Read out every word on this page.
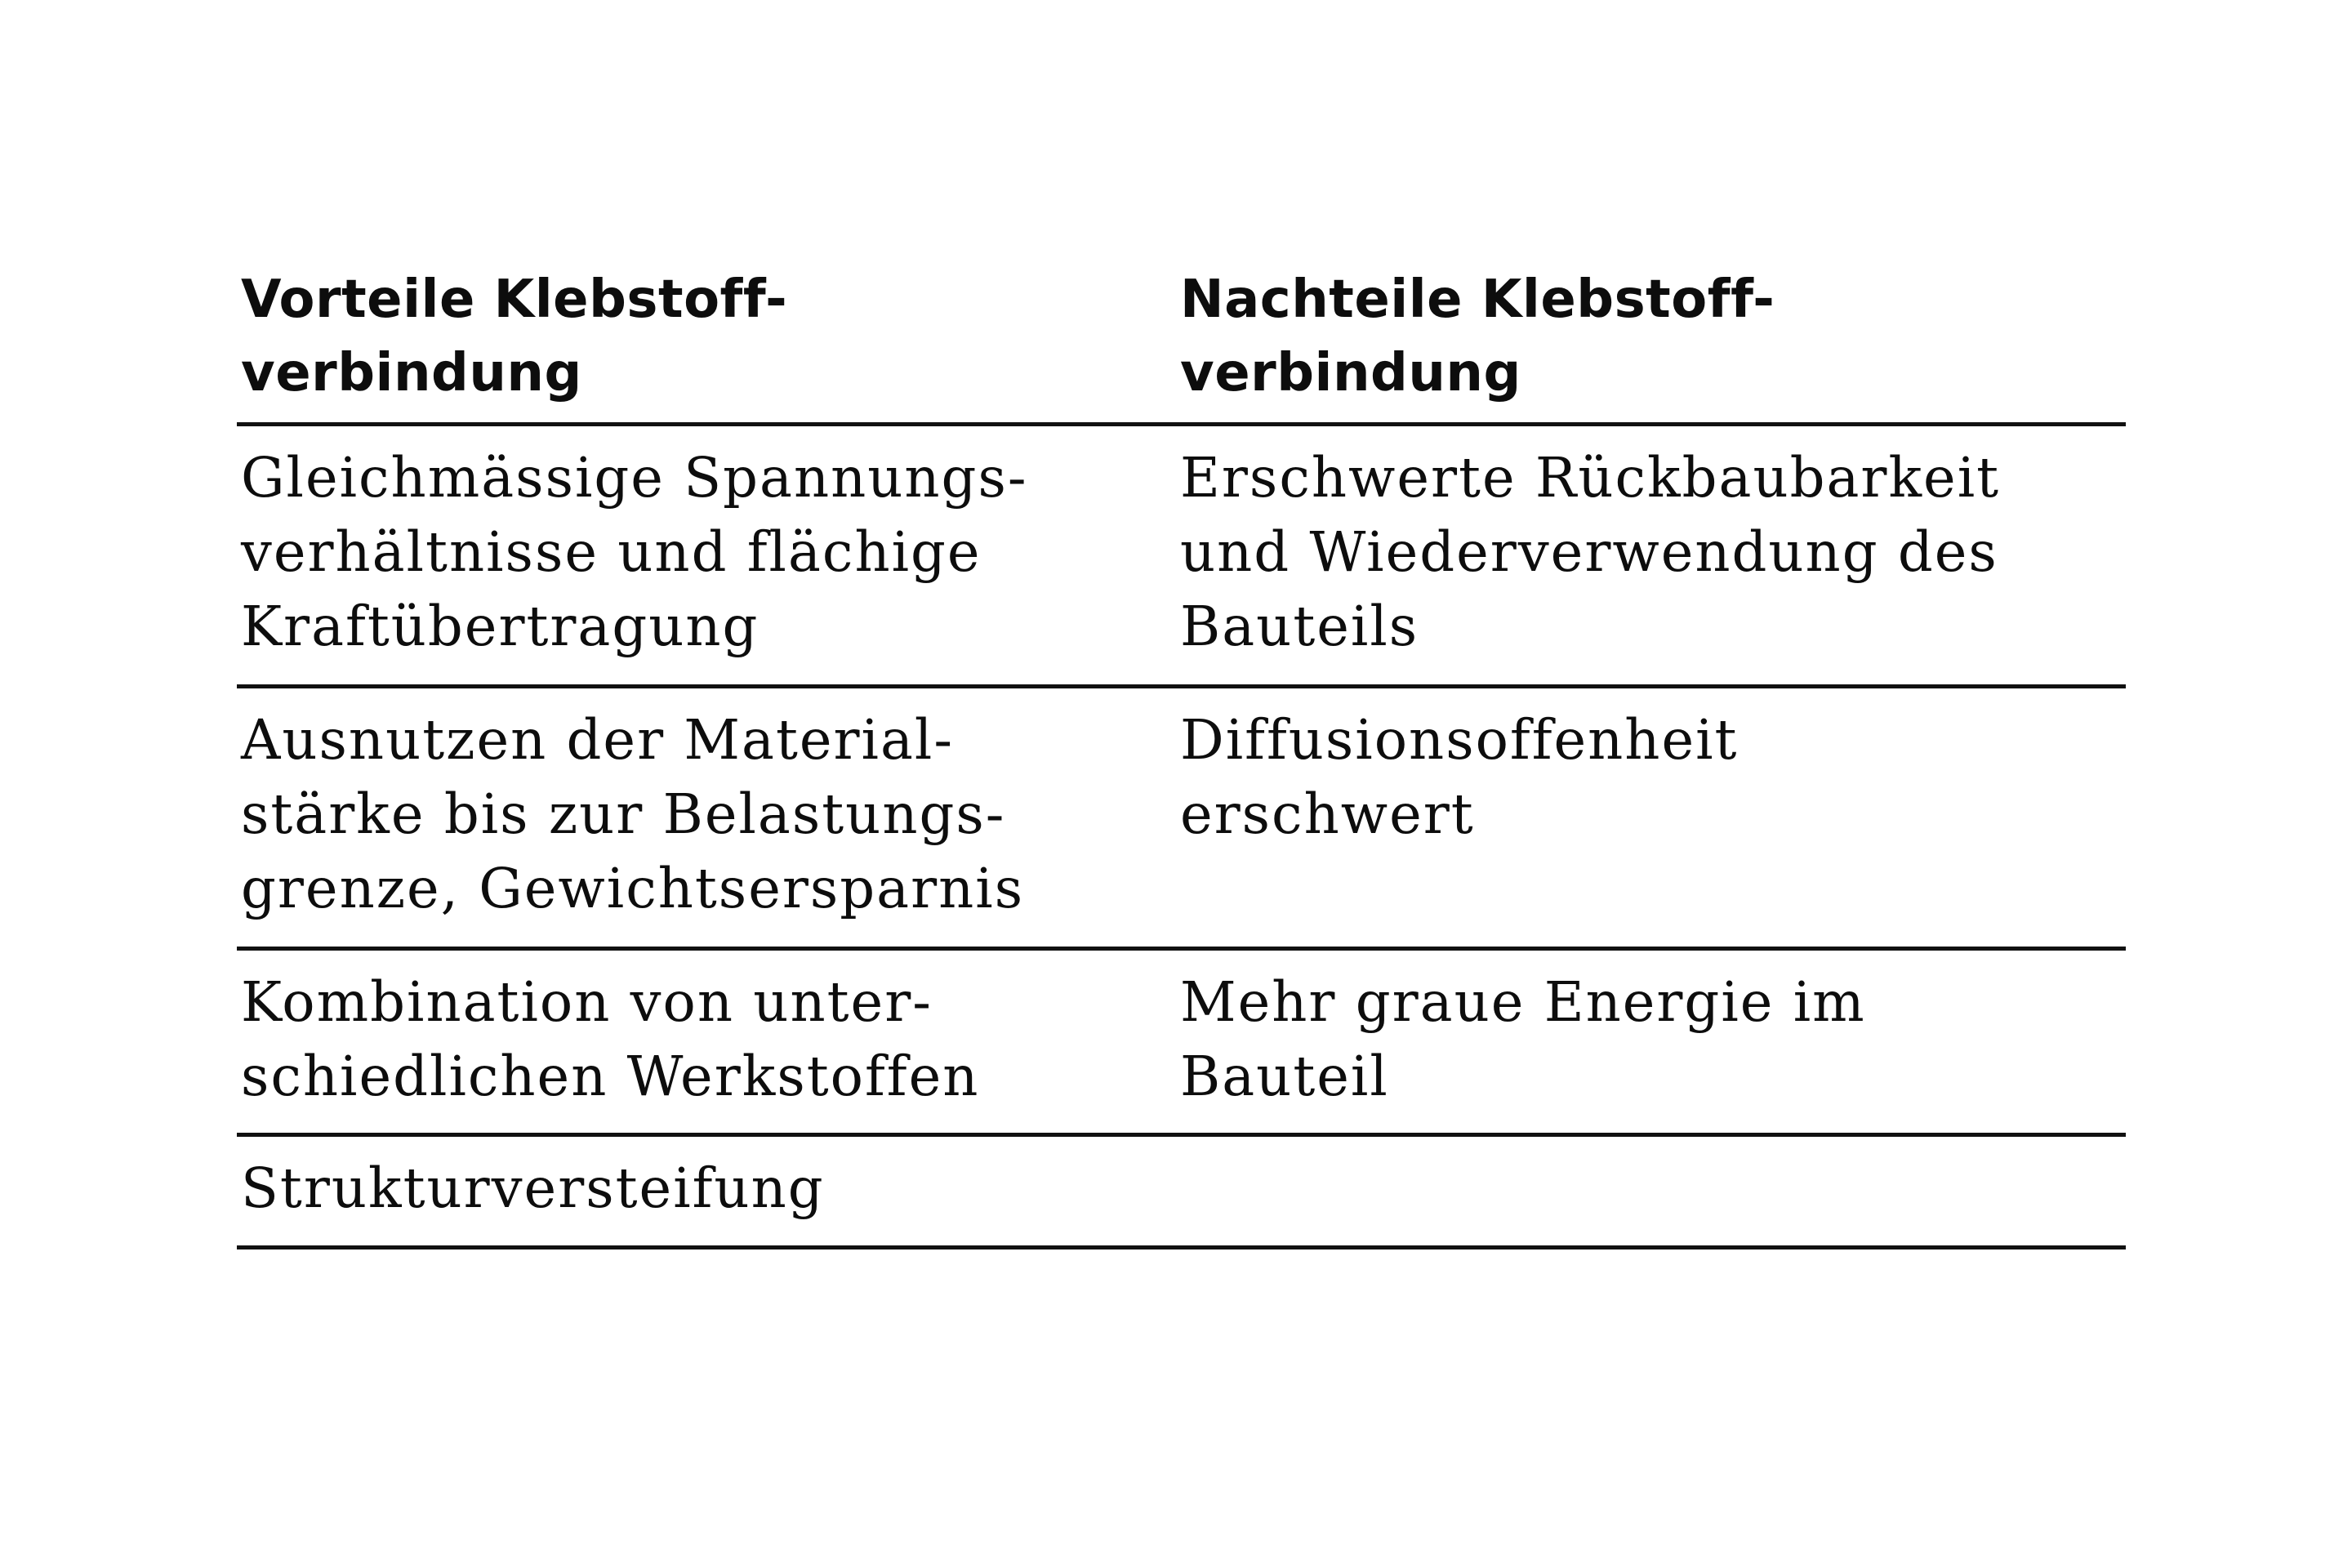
Vorteile Klebstoff-
verbindung
Nachteile Klebstoff-
verbindung
Gleichmässige Spannungs-
verhältnisse und flächige
Kraftübertragung
Erschwerte Rückbaubarkeit
und Wiederverwendung des
Bauteils
Ausnutzen der Material-
stärke bis zur Belastungs-
grenze, Gewichtsersparnis
Diffusionsoffenheit
erschwert
Kombination von unter-
schiedlichen Werkstoffen
Mehr graue Energie im
Bauteil
Strukturversteifung
